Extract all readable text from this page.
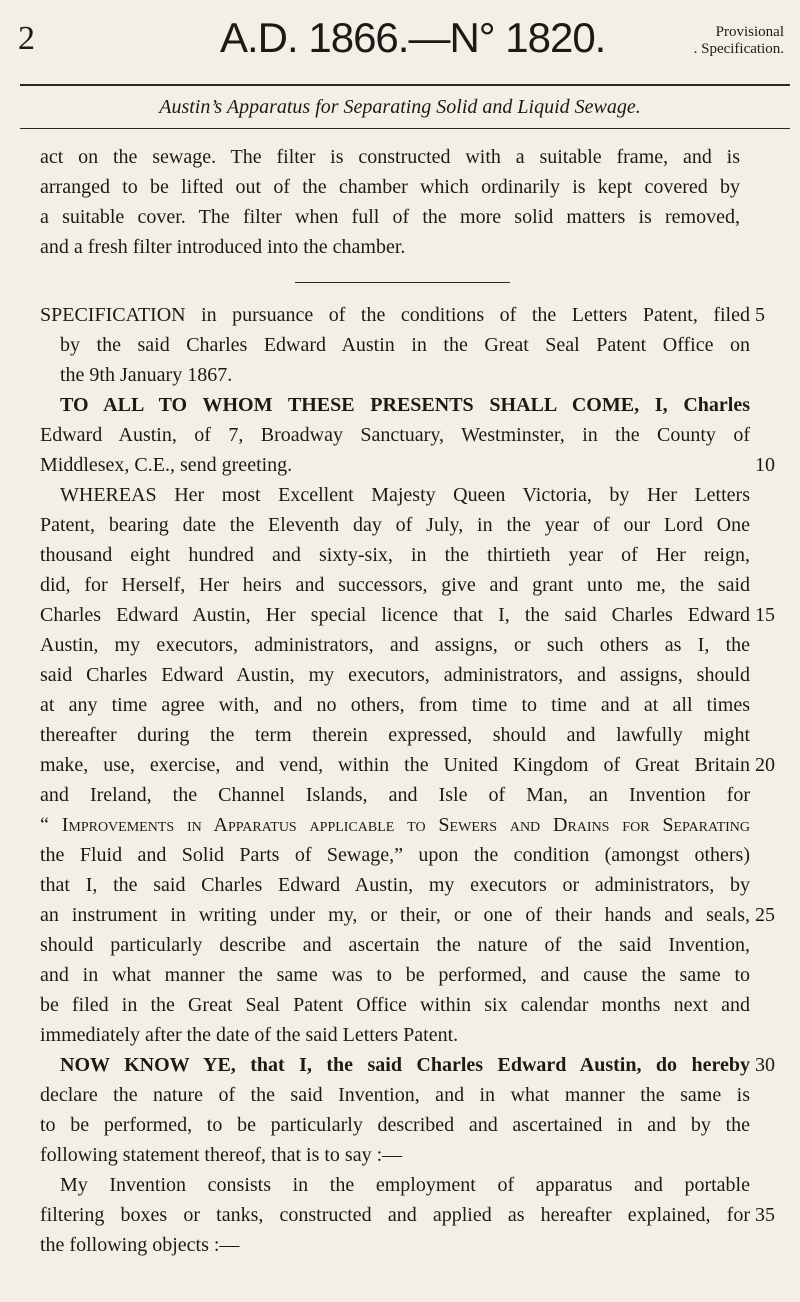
2	A.D. 1866.—N° 1820.	Provisional
. Specification.
Austin’s Apparatus for Separating Solid and Liquid Sewage.
act on the sewage. The filter is constructed with a suitable frame, and is
arranged to be lifted out of the chamber which ordinarily is kept covered by
a suitable cover. The filter when full of the more solid matters is removed,
and a fresh filter introduced into the chamber.
SPECIFICATION in pursuance of the conditions of the Letters Patent, filed
by the said Charles Edward Austin in the Great Seal Patent Office on
the 9th January 1867.
TO ALL TO WHOM THESE PRESENTS SHALL COME, I, Charles
Edward Austin, of 7, Broadway Sanctuary, Westminster, in the County of
Middlesex, C.E., send greeting.
WHEREAS Her most Excellent Majesty Queen Victoria, by Her Letters
Patent, bearing date the Eleventh day of July, in the year of our Lord One
thousand eight hundred and sixty-six, in the thirtieth year of Her reign,
did, for Herself, Her heirs and successors, give and grant unto me, the said
Charles Edward Austin, Her special licence that I, the said Charles Edward
Austin, my executors, administrators, and assigns, or such others as I, the
said Charles Edward Austin, my executors, administrators, and assigns, should
at any time agree with, and no others, from time to time and at all times
thereafter during the term therein expressed, should and lawfully might
make, use, exercise, and vend, within the United Kingdom of Great Britain
and Ireland, the Channel Islands, and Isle of Man, an Invention for
“ Improvements in Apparatus applicable to Sewers and Drains for Separating
the Fluid and Solid Parts of Sewage,” upon the condition (amongst others)
that I, the said Charles Edward Austin, my executors or administrators, by
an instrument in writing under my, or their, or one of their hands and seals,
should particularly describe and ascertain the nature of the said Invention,
and in what manner the same was to be performed, and cause the same to
be filed in the Great Seal Patent Office within six calendar months next and
immediately after the date of the said Letters Patent.
NOW KNOW YE, that I, the said Charles Edward Austin, do hereby
declare the nature of the said Invention, and in what manner the same is
to be performed, to be particularly described and ascertained in and by the
following statement thereof, that is to say :—
My Invention consists in the employment of apparatus and portable
filtering boxes or tanks, constructed and applied as hereafter explained, for
the following objects :—
5
10
15
20
25
30
35
